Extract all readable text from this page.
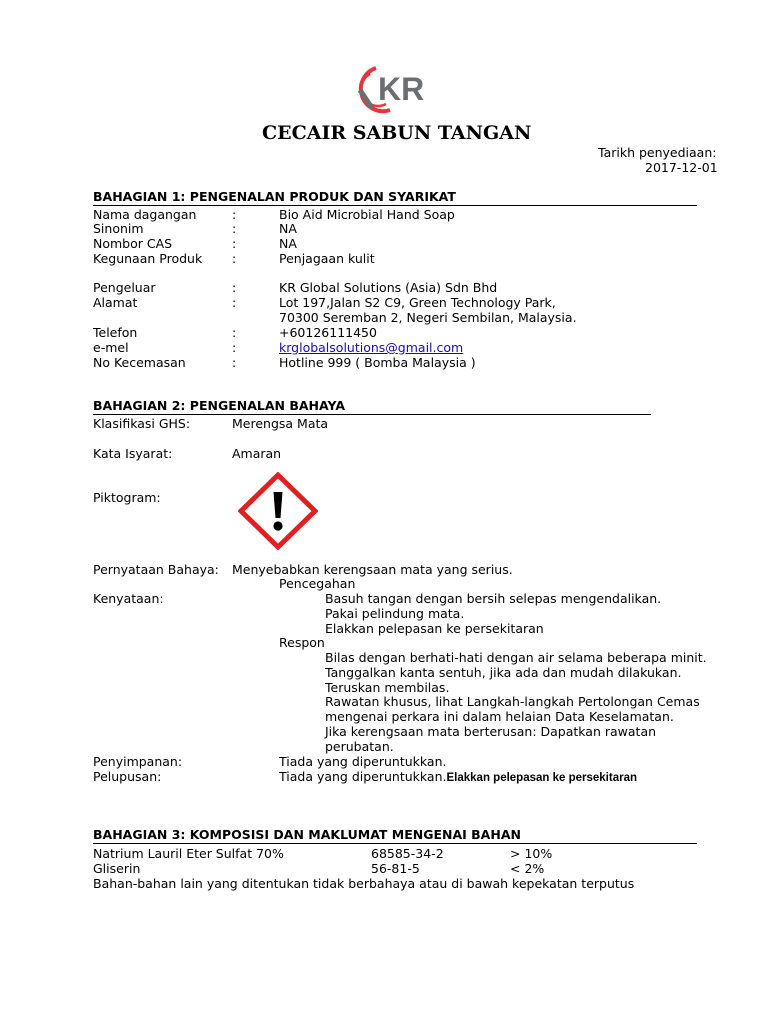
KR
CECAIR SABUN TANGAN
Tarikh penyediaan:
2017-12-01
BAHAGIAN 1: PENGENALAN PRODUK DAN SYARIKAT
Nama dagangan	:	Bio Aid Microbial Hand Soap
Sinonim	:	NA
Nombor CAS	:	NA
Kegunaan Produk :	Penjagaan kulit
Pengeluar	:	KR Global Solutions (Asia) Sdn Bhd
Alamat	:	Lot 197,Jalan S2 C9, Green Technology Park,
70300 Seremban 2, Negeri Sembilan, Malaysia.
Telefon	:	+60126111450
e-mel	:	krglobalsolutions@gmail.com
No Kecemasan	:	Hotline 999 ( Bomba Malaysia )
BAHAGIAN 2: PENGENALAN BAHAYA
Klasifikasi GHS:	Merengsa Mata
Kata Isyarat:	Amaran
Piktogram:
Pernyataan Bahaya: Menyebabkan kerengsaan mata yang serius.
Pencegahan
Kenyataan:	Basuh tangan dengan bersih selepas mengendalikan.
Pakai pelindung mata.
Elakkan pelepasan ke persekitaran
Respon
Bilas dengan berhati-hati dengan air selama beberapa minit.
Tanggalkan kanta sentuh, jika ada dan mudah dilakukan.
Teruskan membilas.
Rawatan khusus, lihat Langkah-langkah Pertolongan Cemas
mengenai perkara ini dalam helaian Data Keselamatan.
Jika kerengsaan mata berterusan: Dapatkan rawatan
perubatan.
Penyimpanan:	Tiada yang diperuntukkan.
Pelupusan:	Tiada yang diperuntukkan.Elakkan pelepasan ke persekitaran
BAHAGIAN 3: KOMPOSISI DAN MAKLUMAT MENGENAI BAHAN
Natrium Lauril Eter Sulfat 70%	68585-34-2	> 10%
Gliserin	56-81-5	< 2%
Bahan-bahan lain yang ditentukan tidak berbahaya atau di bawah kepekatan terputus
